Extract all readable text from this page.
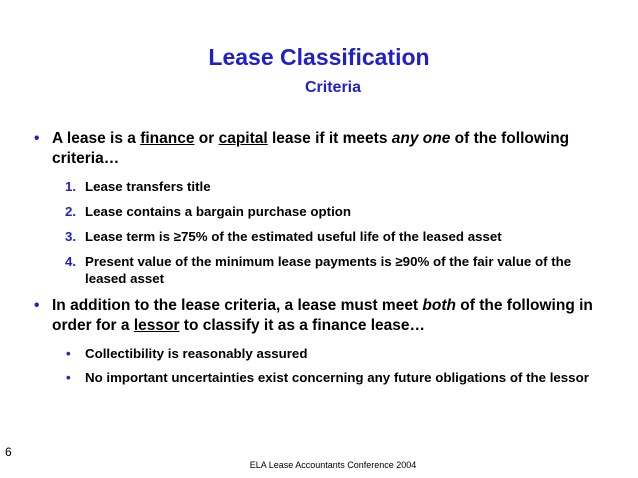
Lease Classification
Criteria
• A lease is a finance or capital lease if it meets any one of the following criteria…
1. Lease transfers title
2. Lease contains a bargain purchase option
3. Lease term is ≥75% of the estimated useful life of the leased asset
4. Present value of the minimum lease payments is ≥90% of the fair value of the leased asset
• In addition to the lease criteria, a lease must meet both of the following in order for a lessor to classify it as a finance lease…
• Collectibility is reasonably assured
• No important uncertainties exist concerning any future obligations of the lessor
6
ELA Lease Accountants Conference 2004
